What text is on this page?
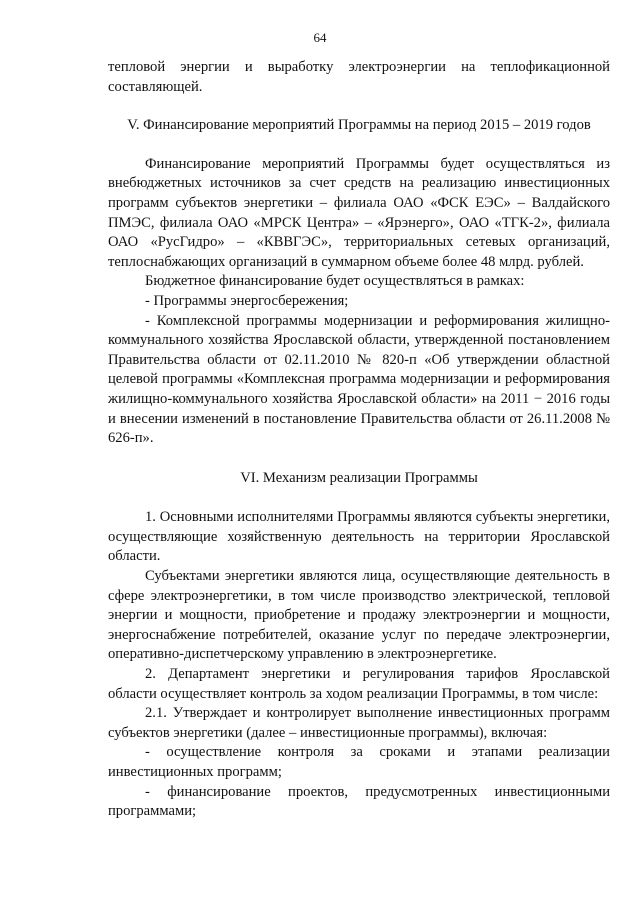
64

тепловой энергии и выработку электроэнергии на теплофикационной составляющей.

V. Финансирование мероприятий Программы на период 2015 – 2019 годов

Финансирование мероприятий Программы будет осуществляться из внебюджетных источников за счет средств на реализацию инвестиционных программ субъектов энергетики – филиала ОАО «ФСК ЕЭС» – Валдайского ПМЭС, филиала ОАО «МРСК Центра» – «Ярэнерго», ОАО «ТГК-2», филиала ОАО «РусГидро» – «КВВГЭС», территориальных сетевых организаций, теплоснабжающих организаций в суммарном объеме более 48 млрд. рублей.

Бюджетное финансирование будет осуществляться в рамках:

- Программы энергосбережения;

- Комплексной программы модернизации и реформирования жилищно-коммунального хозяйства Ярославской области, утвержденной постановлением Правительства области от 02.11.2010 № 820-п «Об утверждении областной целевой программы «Комплексная программа модернизации и реформирования жилищно-коммунального хозяйства Ярославской области» на 2011 − 2016 годы и внесении изменений в постановление Правительства области от 26.11.2008 № 626-п».

VI. Механизм реализации Программы

1. Основными исполнителями Программы являются субъекты энергетики, осуществляющие хозяйственную деятельность на территории Ярославской области.

Субъектами энергетики являются лица, осуществляющие деятельность в сфере электроэнергетики, в том числе производство электрической, тепловой энергии и мощности, приобретение и продажу электроэнергии и мощности, энергоснабжение потребителей, оказание услуг по передаче электроэнергии, оперативно-диспетчерскому управлению в электроэнергетике.

2. Департамент энергетики и регулирования тарифов Ярославской области осуществляет контроль за ходом реализации Программы, в том числе:

2.1. Утверждает и контролирует выполнение инвестиционных программ субъектов энергетики (далее – инвестиционные программы), включая:

- осуществление контроля за сроками и этапами реализации инвестиционных программ;

- финансирование проектов, предусмотренных инвестиционными программами;
